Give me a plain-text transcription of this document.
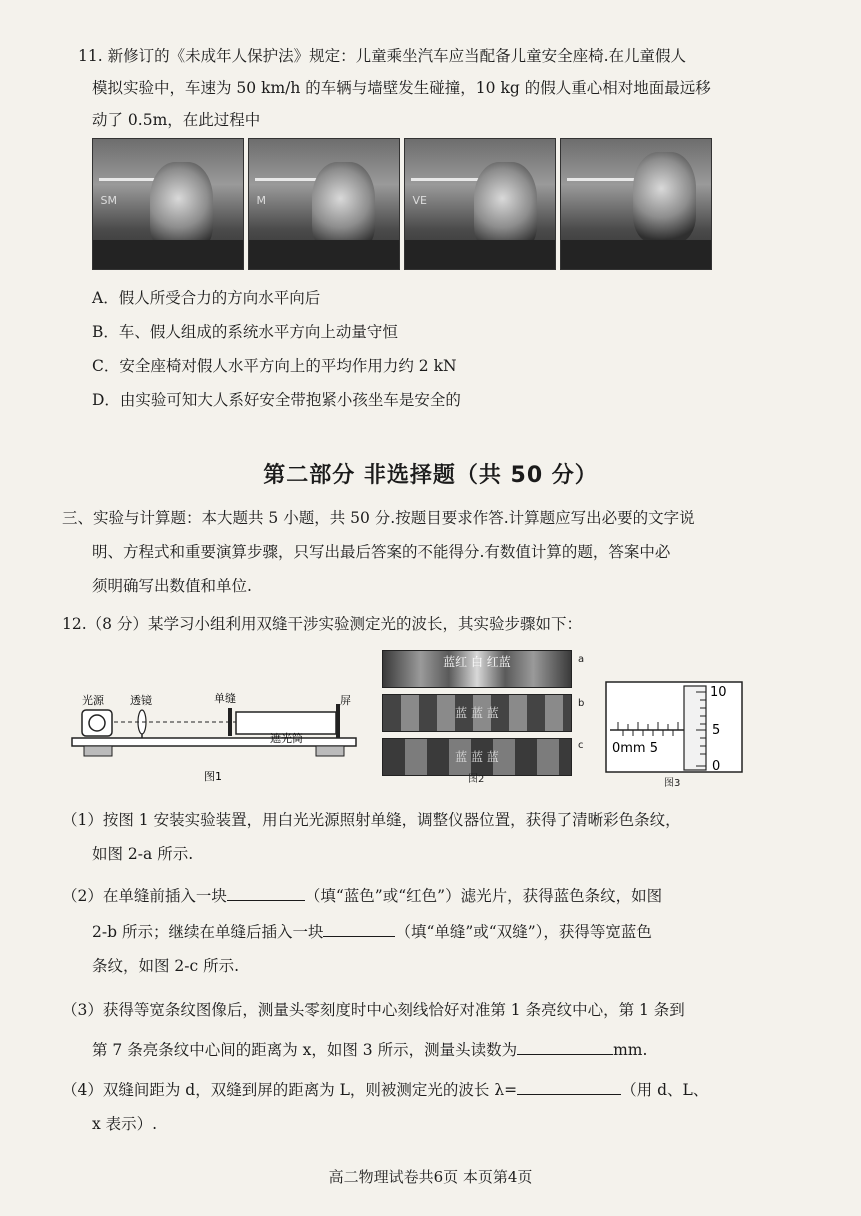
11. 新修订的《未成年人保护法》规定：儿童乘坐汽车应当配备儿童安全座椅.在儿童假人
模拟实验中，车速为 50 km/h 的车辆与墙壁发生碰撞，10 kg 的假人重心相对地面最远移
动了 0.5m，在此过程中
SM	M	VE
A．假人所受合力的方向水平向后
B．车、假人组成的系统水平方向上动量守恒
C．安全座椅对假人水平方向上的平均作用力约 2 kN
D．由实验可知大人系好安全带抱紧小孩坐车是安全的
第二部分 非选择题（共 50 分）
三、实验与计算题：本大题共 5 小题，共 50 分.按题目要求作答.计算题应写出必要的文字说
明、方程式和重要演算步骤，只写出最后答案的不能得分.有数值计算的题，答案中必
须明确写出数值和单位.
12.（8 分）某学习小组利用双缝干涉实验测定光的波长，其实验步骤如下：
光源 透镜	单缝	屏
遮光筒
图1
蓝红 白 红蓝
蓝 蓝 蓝
蓝 蓝 蓝
a
b
c
图2
10
5
0
0mm 5
图3
（1）按图 1 安装实验装置，用白光光源照射单缝，调整仪器位置，获得了清晰彩色条纹，
如图 2-a 所示.
（2）在单缝前插入一块	（填“蓝色”或“红色”）滤光片，获得蓝色条纹，如图
2-b 所示；继续在单缝后插入一块	（填“单缝”或“双缝”），获得等宽蓝色
条纹，如图 2-c 所示.
（3）获得等宽条纹图像后，测量头零刻度时中心刻线恰好对准第 1 条亮纹中心，第 1 条到
第 7 条亮条纹中心间的距离为 x，如图 3 所示，测量头读数为	mm.
（4）双缝间距为 d，双缝到屏的距离为 L，则被测定光的波长 λ=	（用 d、L、
x 表示）.
高二物理试卷共6页 本页第4页
